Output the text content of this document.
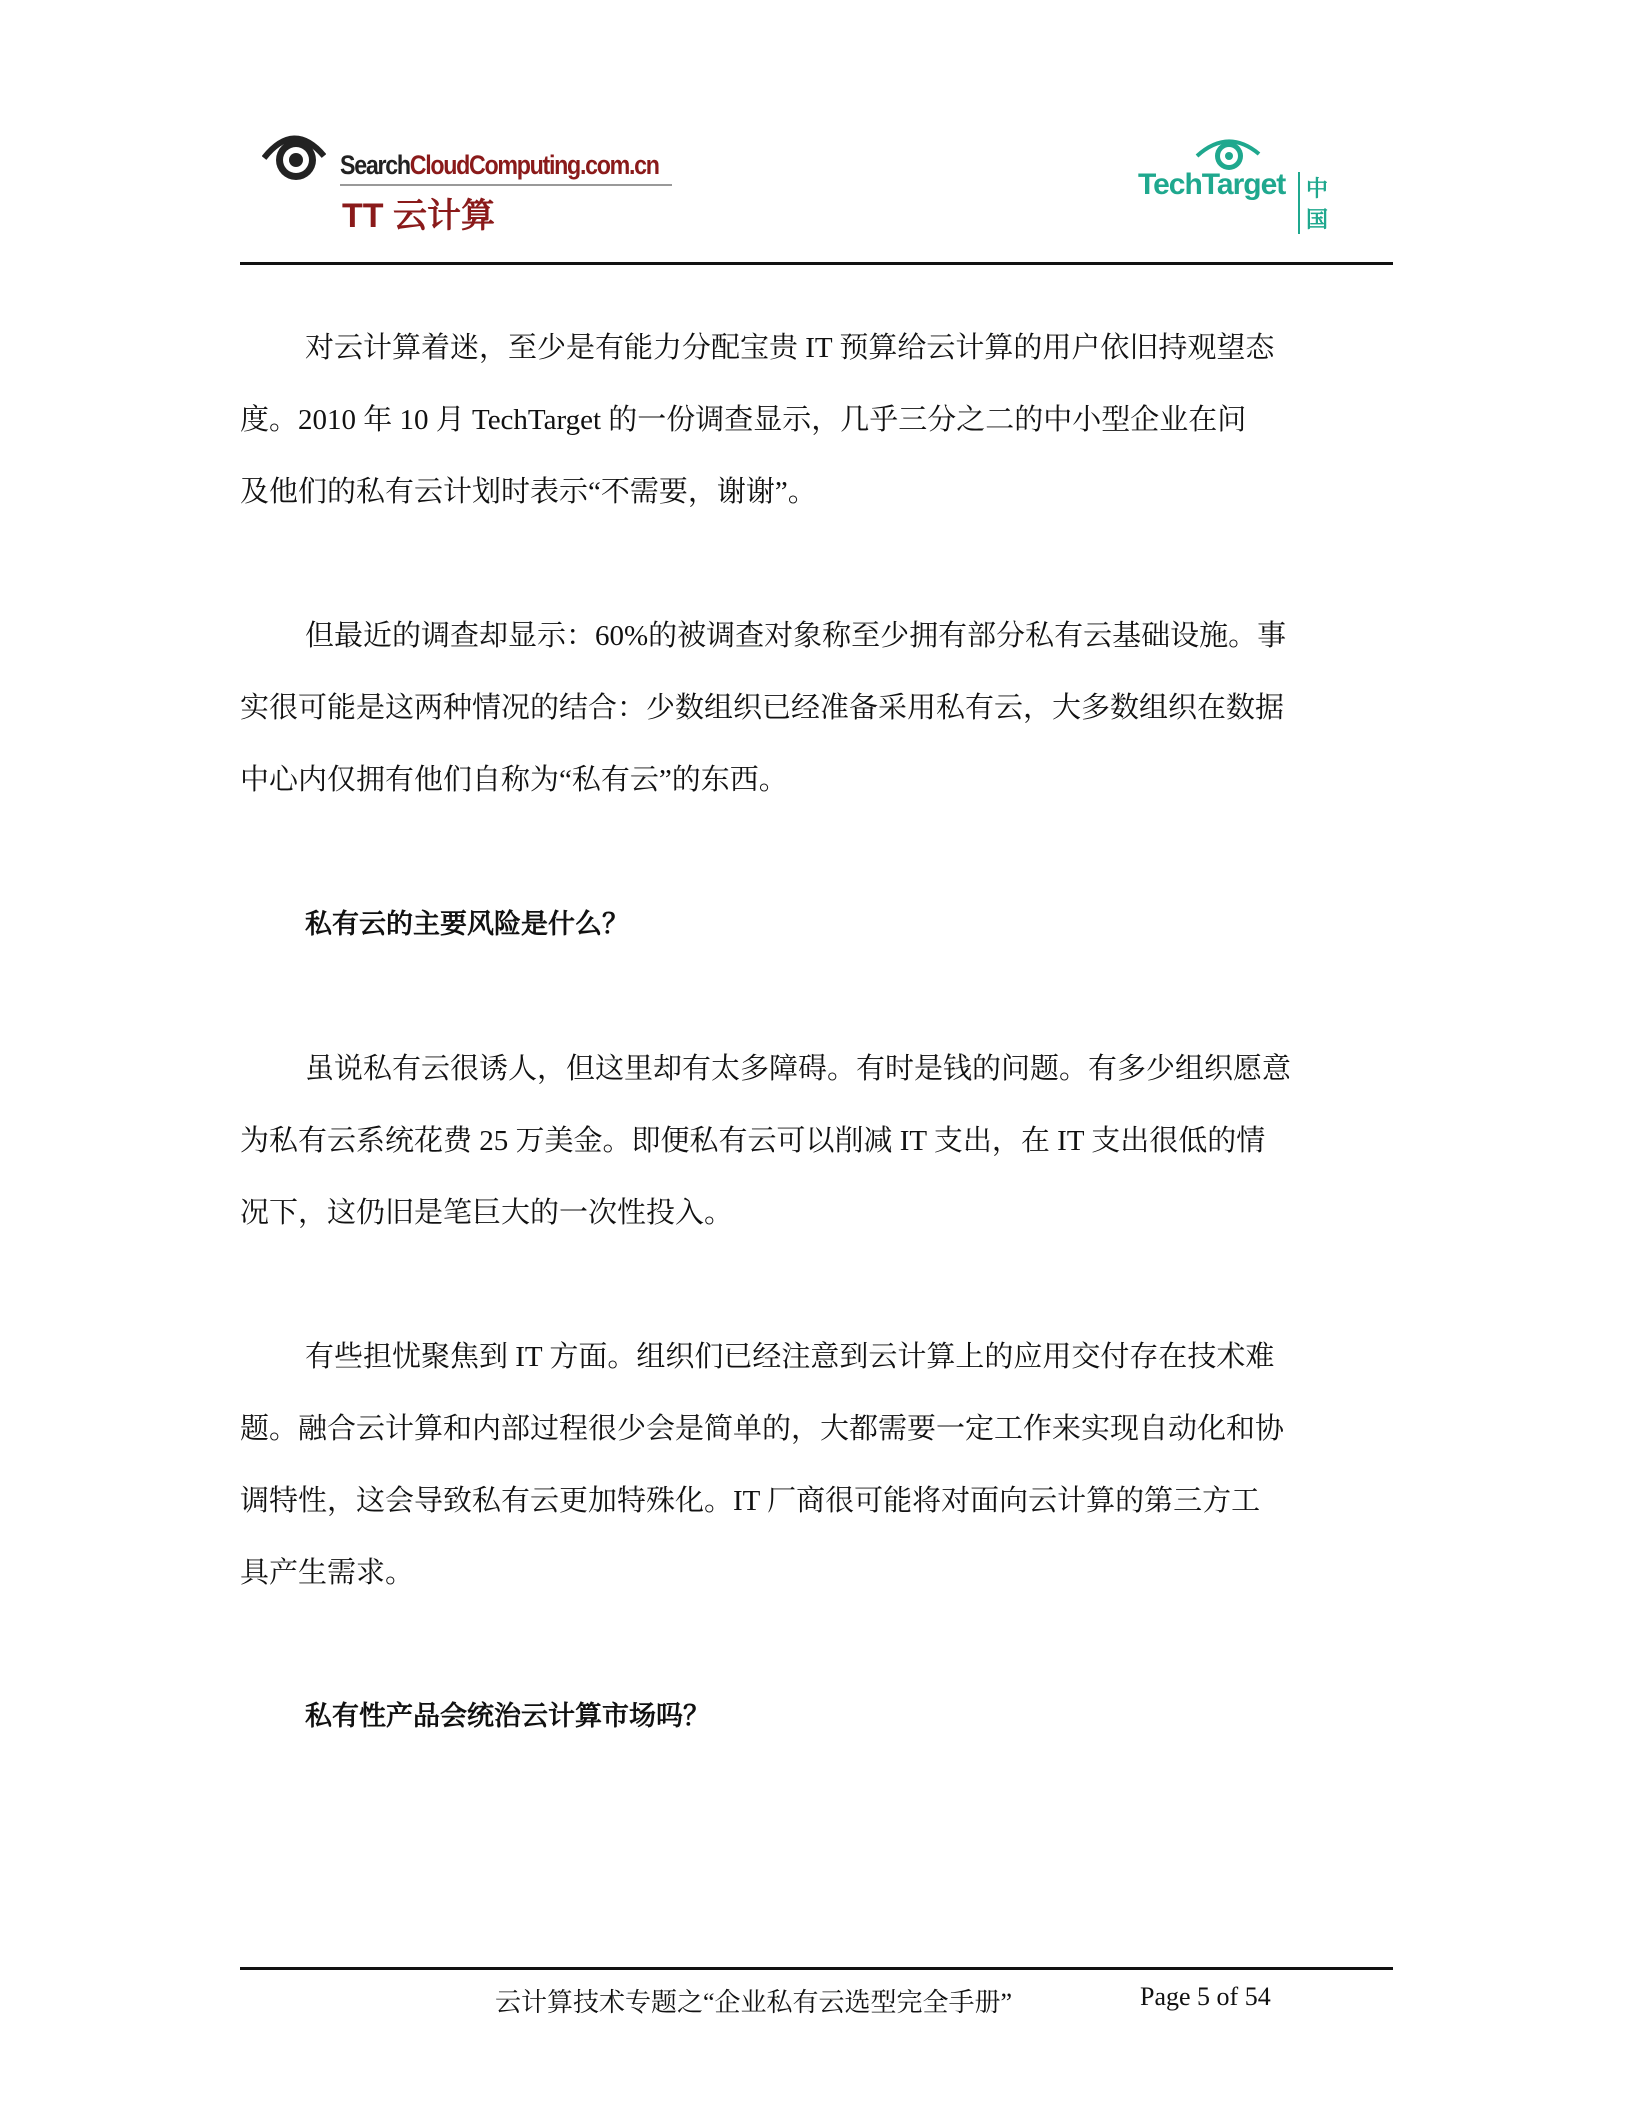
SearchCloudComputing.com.cn
TT 云计算
TechTarget 中国
对云计算着迷，至少是有能力分配宝贵 IT 预算给云计算的用户依旧持观望态
度。2010 年 10 月 TechTarget 的一份调查显示，几乎三分之二的中小型企业在问
及他们的私有云计划时表示“不需要，谢谢”。
但最近的调查却显示：60%的被调查对象称至少拥有部分私有云基础设施。事
实很可能是这两种情况的结合：少数组织已经准备采用私有云，大多数组织在数据
中心内仅拥有他们自称为“私有云”的东西。
私有云的主要风险是什么？
虽说私有云很诱人，但这里却有太多障碍。有时是钱的问题。有多少组织愿意
为私有云系统花费 25 万美金。即便私有云可以削减 IT 支出，在 IT 支出很低的情
况下，这仍旧是笔巨大的一次性投入。
有些担忧聚焦到 IT 方面。组织们已经注意到云计算上的应用交付存在技术难
题。融合云计算和内部过程很少会是简单的，大都需要一定工作来实现自动化和协
调特性，这会导致私有云更加特殊化。IT 厂商很可能将对面向云计算的第三方工
具产生需求。
私有性产品会统治云计算市场吗？
云计算技术专题之“企业私有云选型完全手册”	Page 5 of 54
